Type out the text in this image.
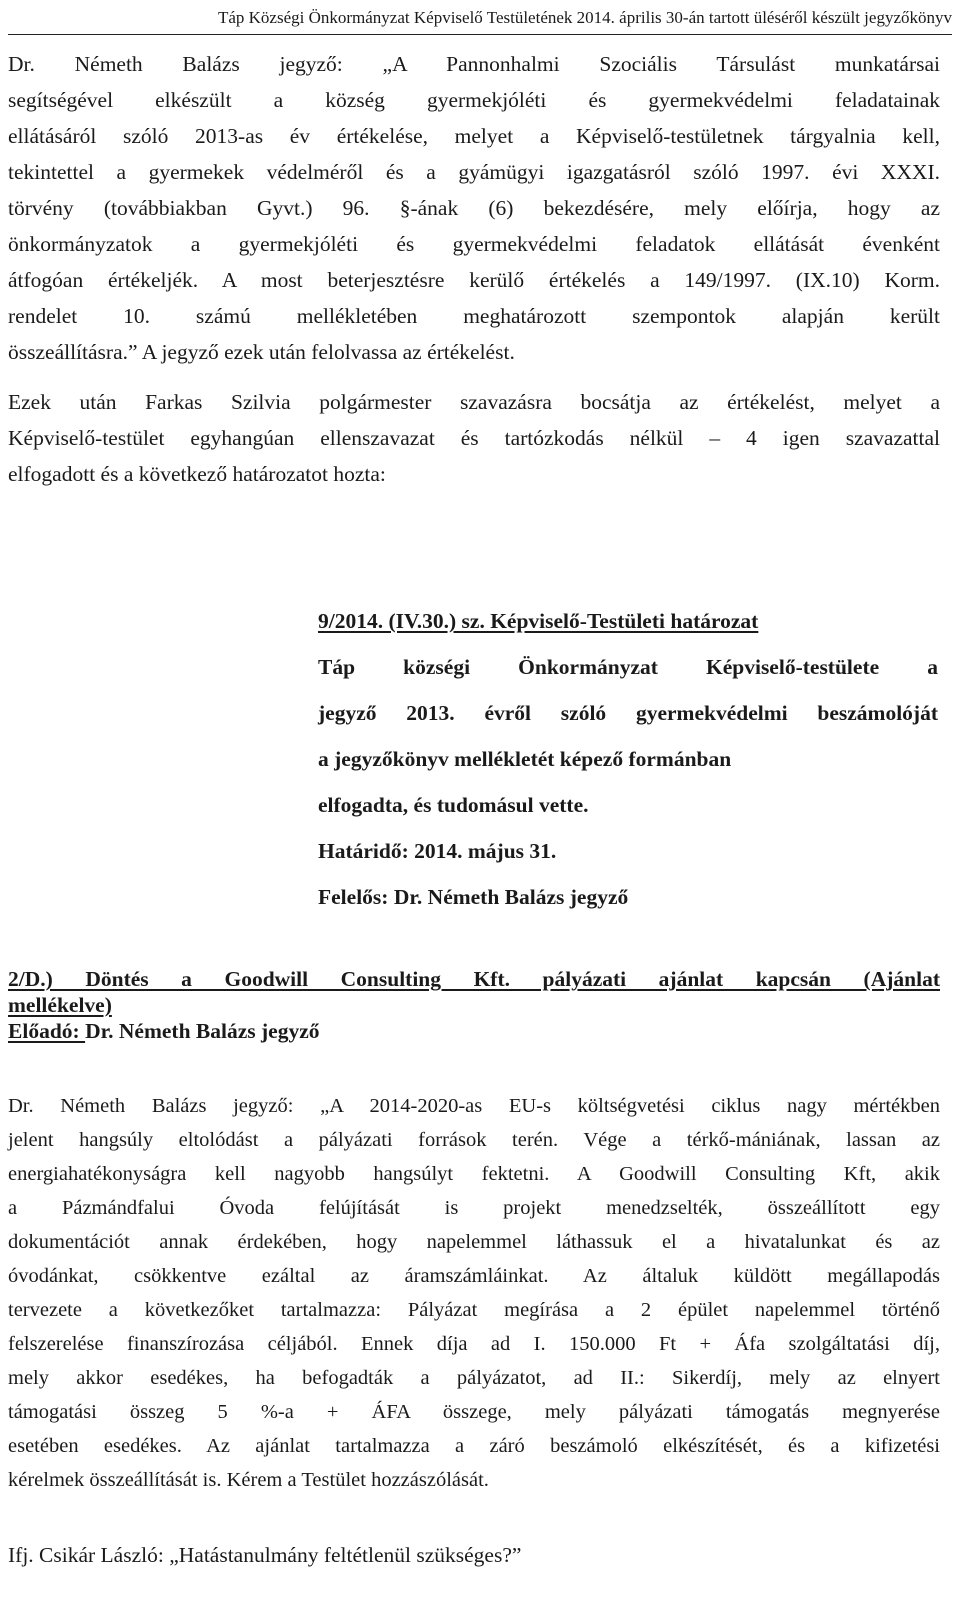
Táp Községi Önkormányzat Képviselő Testületének 2014. április 30-án tartott üléséről készült jegyzőkönyv

Dr. Németh Balázs jegyző: „A Pannonhalmi Szociális Társulást munkatársai
segítségével elkészült a község gyermekjóléti és gyermekvédelmi feladatainak
ellátásáról szóló 2013-as év értékelése, melyet a Képviselő-testületnek tárgyalnia kell,
tekintettel a gyermekek védelméről és a gyámügyi igazgatásról szóló 1997. évi XXXI.
törvény (továbbiakban Gyvt.) 96. §-ának (6) bekezdésére, mely előírja, hogy az
önkormányzatok a gyermekjóléti és gyermekvédelmi feladatok ellátását évenként
átfogóan értékeljék. A most beterjesztésre kerülő értékelés a 149/1997. (IX.10) Korm.
rendelet 10. számú mellékletében meghatározott szempontok alapján került
összeállításra.” A jegyző ezek után felolvassa az értékelést.

Ezek után Farkas Szilvia polgármester szavazásra bocsátja az értékelést, melyet a
Képviselő-testület egyhangúan ellenszavazat és tartózkodás nélkül – 4 igen szavazattal
elfogadott és a következő határozatot hozta:

9/2014. (IV.30.) sz. Képviselő-Testületi határozat
Táp községi Önkormányzat Képviselő-testülete a
jegyző 2013. évről szóló gyermekvédelmi beszámolóját
a jegyzőkönyv mellékletét képező formánban
elfogadta, és tudomásul vette.
Határidő: 2014. május 31.
Felelős: Dr. Németh Balázs jegyző
2/D.) Döntés a Goodwill Consulting Kft. pályázati ajánlat kapcsán (Ajánlat
mellékelve)
Előadó: Dr. Németh Balázs jegyző

Dr. Németh Balázs jegyző: „A 2014-2020-as EU-s költségvetési ciklus nagy mértékben
jelent hangsúly eltolódást a pályázati források terén. Vége a térkő-mániának, lassan az
energiahatékonyságra kell nagyobb hangsúlyt fektetni. A Goodwill Consulting Kft, akik
a Pázmándfalui Óvoda felújítását is projekt menedzselték, összeállított egy
dokumentációt annak érdekében, hogy napelemmel láthassuk el a hivatalunkat és az
óvodánkat, csökkentve ezáltal az áramszámláinkat. Az általuk küldött megállapodás
tervezete a következőket tartalmazza: Pályázat megírása a 2 épület napelemmel történő
felszerelése finanszírozása céljából. Ennek díja ad I. 150.000 Ft + Áfa szolgáltatási díj,
mely akkor esedékes, ha befogadták a pályázatot, ad II.: Sikerdíj, mely az elnyert
támogatási összeg 5 %-a + ÁFA összege, mely pályázati támogatás megnyerése
esetében esedékes. Az ajánlat tartalmazza a záró beszámoló elkészítését, és a kifizetési
kérelmek összeállítását is. Kérem a Testület hozzászólását.

Ifj. Csikár László: „Hatástanulmány feltétlenül szükséges?”
